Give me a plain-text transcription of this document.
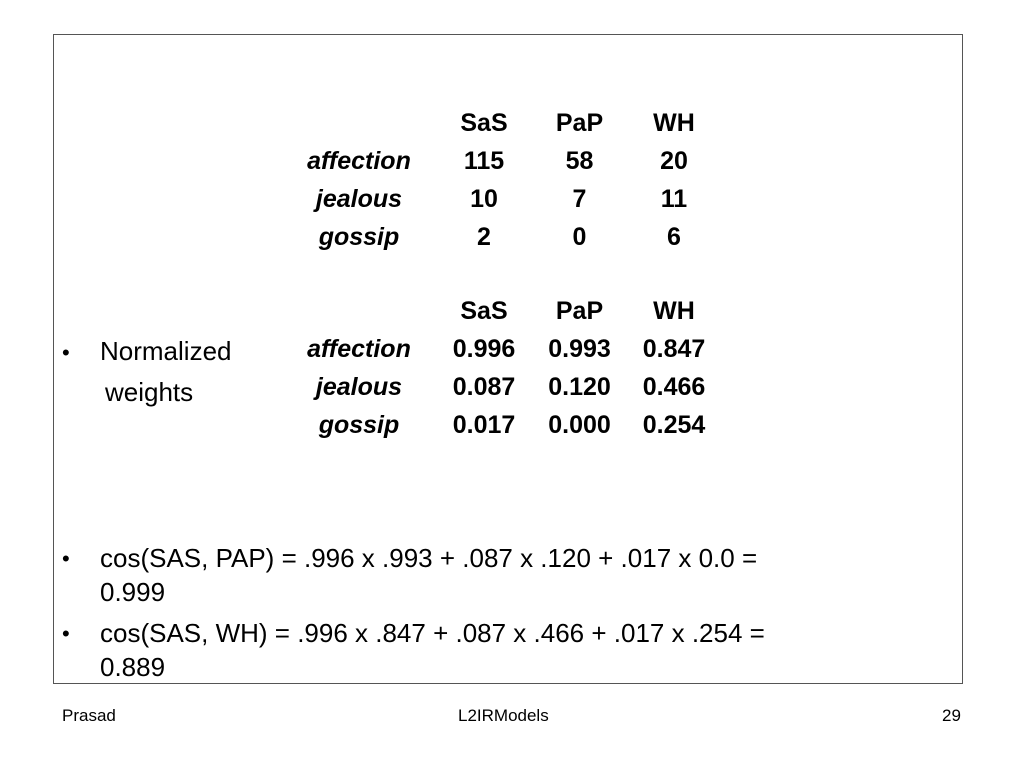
	SaS	PaP	WH
affection	115	58	20
jealous	10	7	11
gossip	2	0	6
	SaS	PaP	WH
affection	0.996	0.993	0.847
jealous	0.087	0.120	0.466
gossip	0.017	0.000	0.254
• Normalized
weights
• cos(SAS, PAP) = .996 x .993 + .087 x .120 + .017 x 0.0 =
0.999
• cos(SAS, WH) = .996 x .847 + .087 x .466 + .017 x .254 =
0.889
Prasad	L2IRModels	29
